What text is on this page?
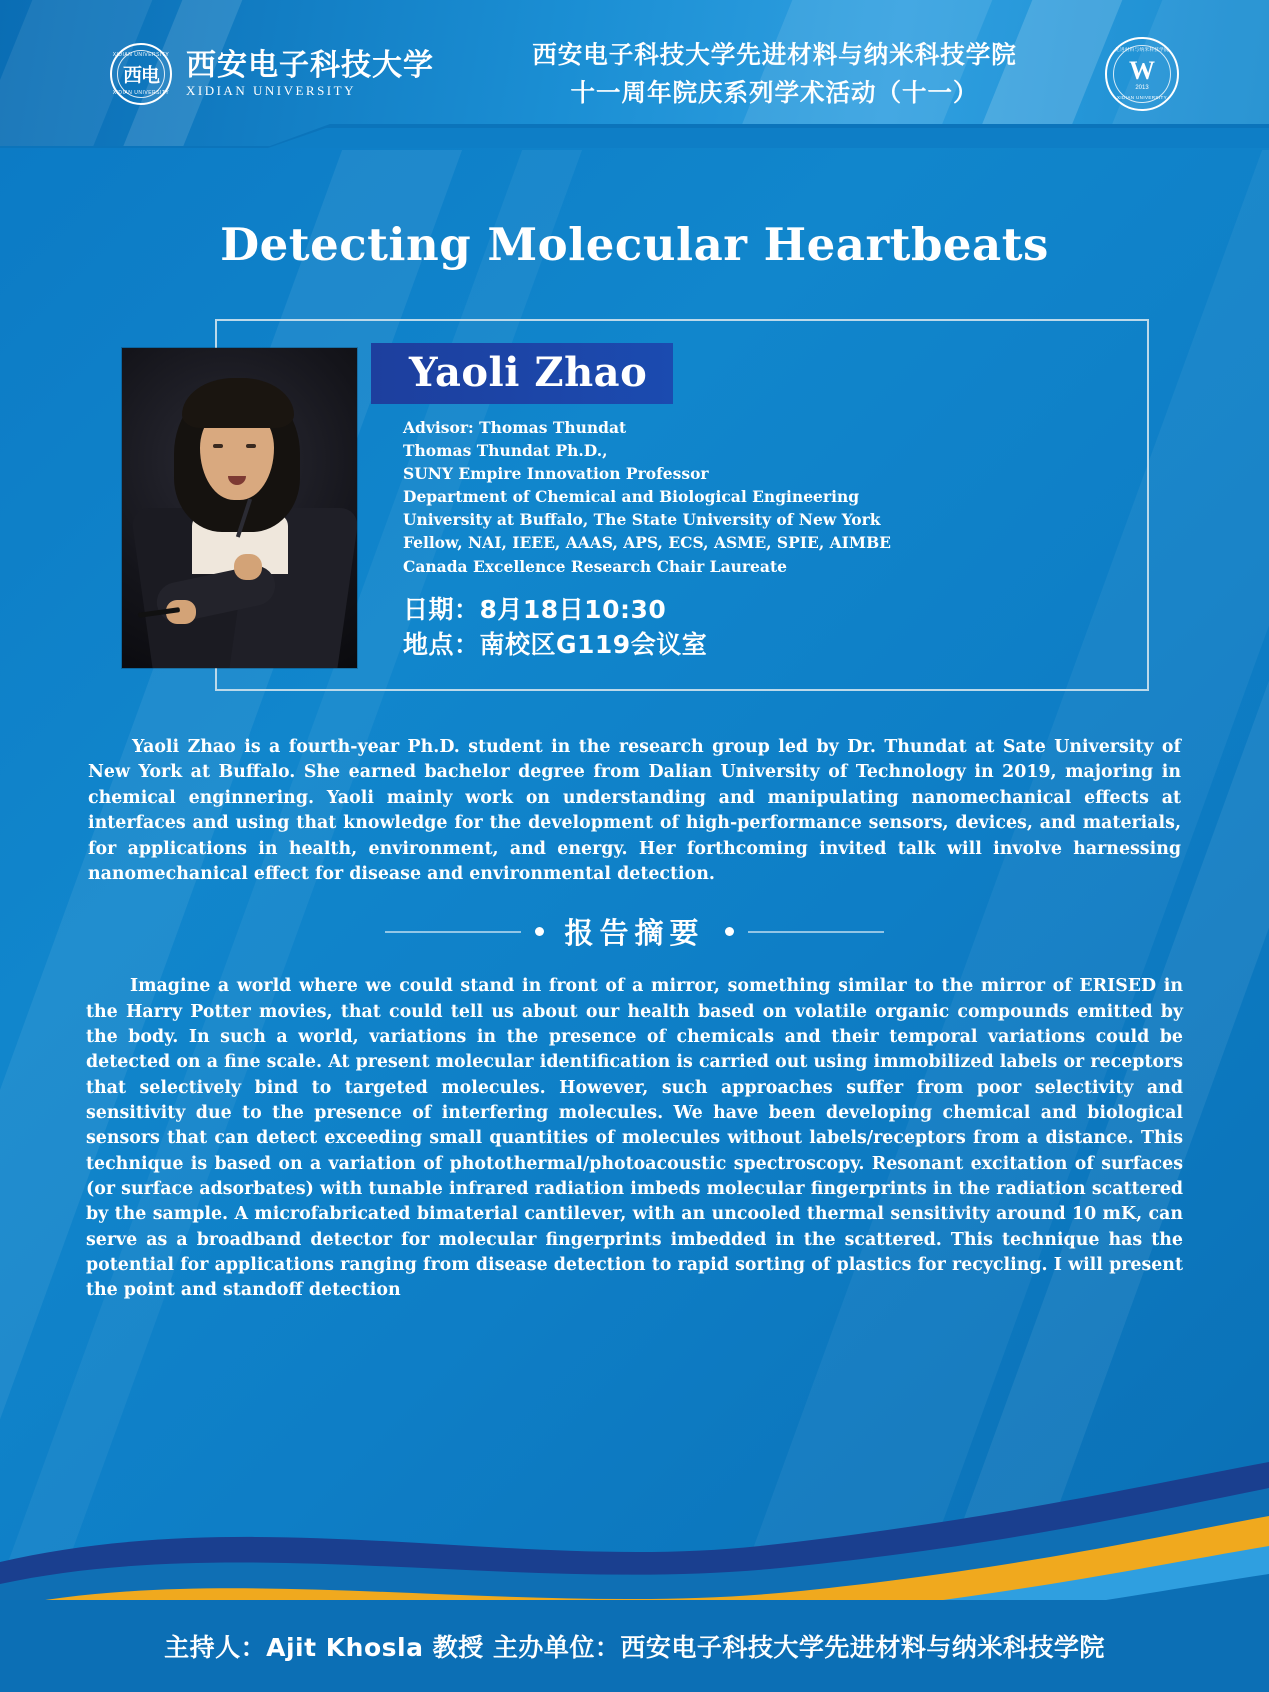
XIDIAN UNIVERSITY
西电
XIDIAN UNIVERSITY
西安电子科技大学
XIDIAN UNIVERSITY
西安电子科技大学先进材料与纳米科技学院
十一周年院庆系列学术活动（十一）
先进材料与纳米科技学院
W
2013
XIDIAN UNIVERSITY
Detecting Molecular Heartbeats
Yaoli Zhao
Advisor: Thomas Thundat
Thomas Thundat Ph.D.,
SUNY Empire Innovation Professor
Department of Chemical and Biological Engineering
University at Buffalo, The State University of New York
Fellow, NAI, IEEE, AAAS, APS, ECS, ASME, SPIE, AIMBE
Canada Excellence Research Chair Laureate
日期：8月18日10:30
地点：南校区G119会议室
Yaoli Zhao is a fourth-year Ph.D. student in the research group led by Dr. Thundat at Sate University of New York at Buffalo. She earned bachelor degree from Dalian University of Technology in 2019, majoring in chemical enginnering. Yaoli mainly work on understanding and manipulating nanomechanical effects at interfaces and using that knowledge for the development of high-performance sensors, devices, and materials, for applications in health, environment, and energy. Her forthcoming invited talk will involve harnessing nanomechanical effect for disease and environmental detection.
报告摘要
Imagine a world where we could stand in front of a mirror, something similar to the mirror of ERISED in the Harry Potter movies, that could tell us about our health based on volatile organic compounds emitted by the body. In such a world, variations in the presence of chemicals and their temporal variations could be detected on a fine scale. At present molecular identification is carried out using immobilized labels or receptors that selectively bind to targeted molecules. However, such approaches suffer from poor selectivity and sensitivity due to the presence of interfering molecules. We have been developing chemical and biological sensors that can detect exceeding small quantities of molecules without labels/receptors from a distance. This technique is based on a variation of photothermal/photoacoustic spectroscopy. Resonant excitation of surfaces (or surface adsorbates) with tunable infrared radiation imbeds molecular fingerprints in the radiation scattered by the sample. A microfabricated bimaterial cantilever, with an uncooled thermal sensitivity around 10 mK, can serve as a broadband detector for molecular fingerprints imbedded in the scattered. This technique has the potential for applications ranging from disease detection to rapid sorting of plastics for recycling. I will present the point and standoff detection
主持人：Ajit Khosla 教授 主办单位：西安电子科技大学先进材料与纳米科技学院
